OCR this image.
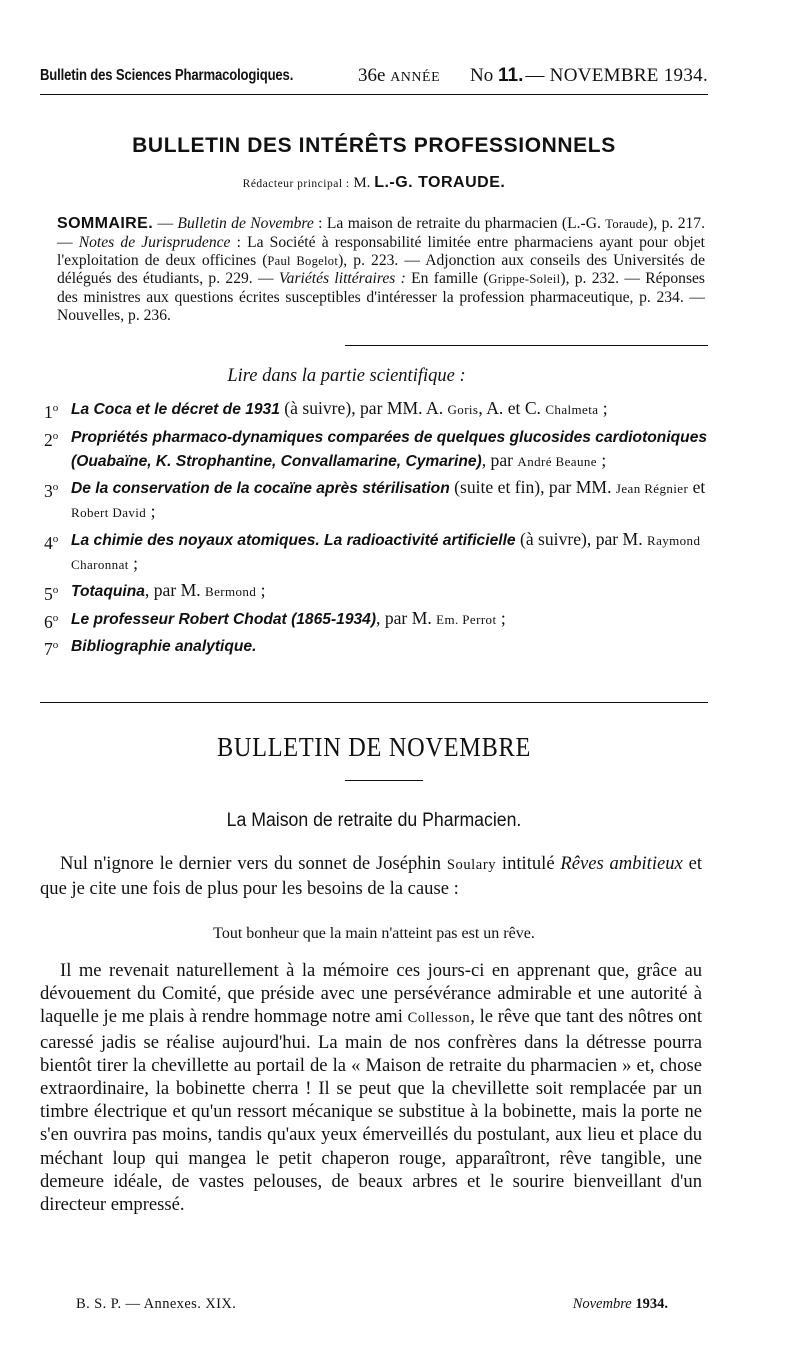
Bulletin des Sciences Pharmacologiques.	36e ANNÉE No 11. — NOVEMBRE 1934.
BULLETIN DES INTÉRÊTS PROFESSIONNELS
Rédacteur principal : M. L.-G. TORAUDE.
SOMMAIRE. — Bulletin de Novembre : La maison de retraite du pharmacien (L.-G. Toraude), p. 217. — Notes de Jurisprudence : La Société à responsabilité limitée entre pharmaciens ayant pour objet l'exploitation de deux officines (Paul Bogelot), p. 223. — Adjonction aux conseils des Universités de délégués des étudiants, p. 229. — Variétés littéraires : En famille (Grippe-Soleil), p. 232. — Réponses des ministres aux questions écrites susceptibles d'intéresser la profession pharmaceutique, p. 234. — Nouvelles, p. 236.
Lire dans la partie scientifique :
1$^o$ La Coca et le décret de 1931 (à suivre), par MM. A. Goris, A. et C. Chalmeta ;
2$^o$ Propriétés pharmaco-dynamiques comparées de quelques glucosides cardiotoniques (Ouabaïne, K. Strophantine, Convallamarine, Cymarine), par André Beaune ;
3$^o$ De la conservation de la cocaïne après stérilisation (suite et fin), par MM. Jean Régnier et Robert David ;
4$^o$ La chimie des noyaux atomiques. La radioactivité artificielle (à suivre), par M. Raymond Charonnat ;
5$^o$ Totaquina, par M. Bermond ;
6$^o$ Le professeur Robert Chodat (1865-1934), par M. Em. Perrot ;
7$^o$ Bibliographie analytique.
BULLETIN DE NOVEMBRE
La Maison de retraite du Pharmacien.

Nul n'ignore le dernier vers du sonnet de Joséphin Soulary intitulé Rêves ambitieux et que je cite une fois de plus pour les besoins de la cause :

Tout bonheur que la main n'atteint pas est un rêve.

Il me revenait naturellement à la mémoire ces jours-ci en apprenant que, grâce au dévouement du Comité, que préside avec une persévérance admirable et une autorité à laquelle je me plais à rendre hommage notre ami Collesson, le rêve que tant des nôtres ont caressé jadis se réalise aujourd'hui. La main de nos confrères dans la détresse pourra bientôt tirer la chevillette au portail de la « Maison de retraite du pharmacien » et, chose extraordinaire, la bobinette cherra ! Il se peut que la chevillette soit remplacée par un timbre électrique et qu'un ressort mécanique se substitue à la bobinette, mais la porte ne s'en ouvrira pas moins, tandis qu'aux yeux émerveillés du postulant, aux lieu et place du méchant loup qui mangea le petit chaperon rouge, apparaîtront, rêve tangible, une demeure idéale, de vastes pelouses, de beaux arbres et le sourire bienveillant d'un directeur empressé.

B. S. P. — Annexes. XIX.	Novembre 1934.
